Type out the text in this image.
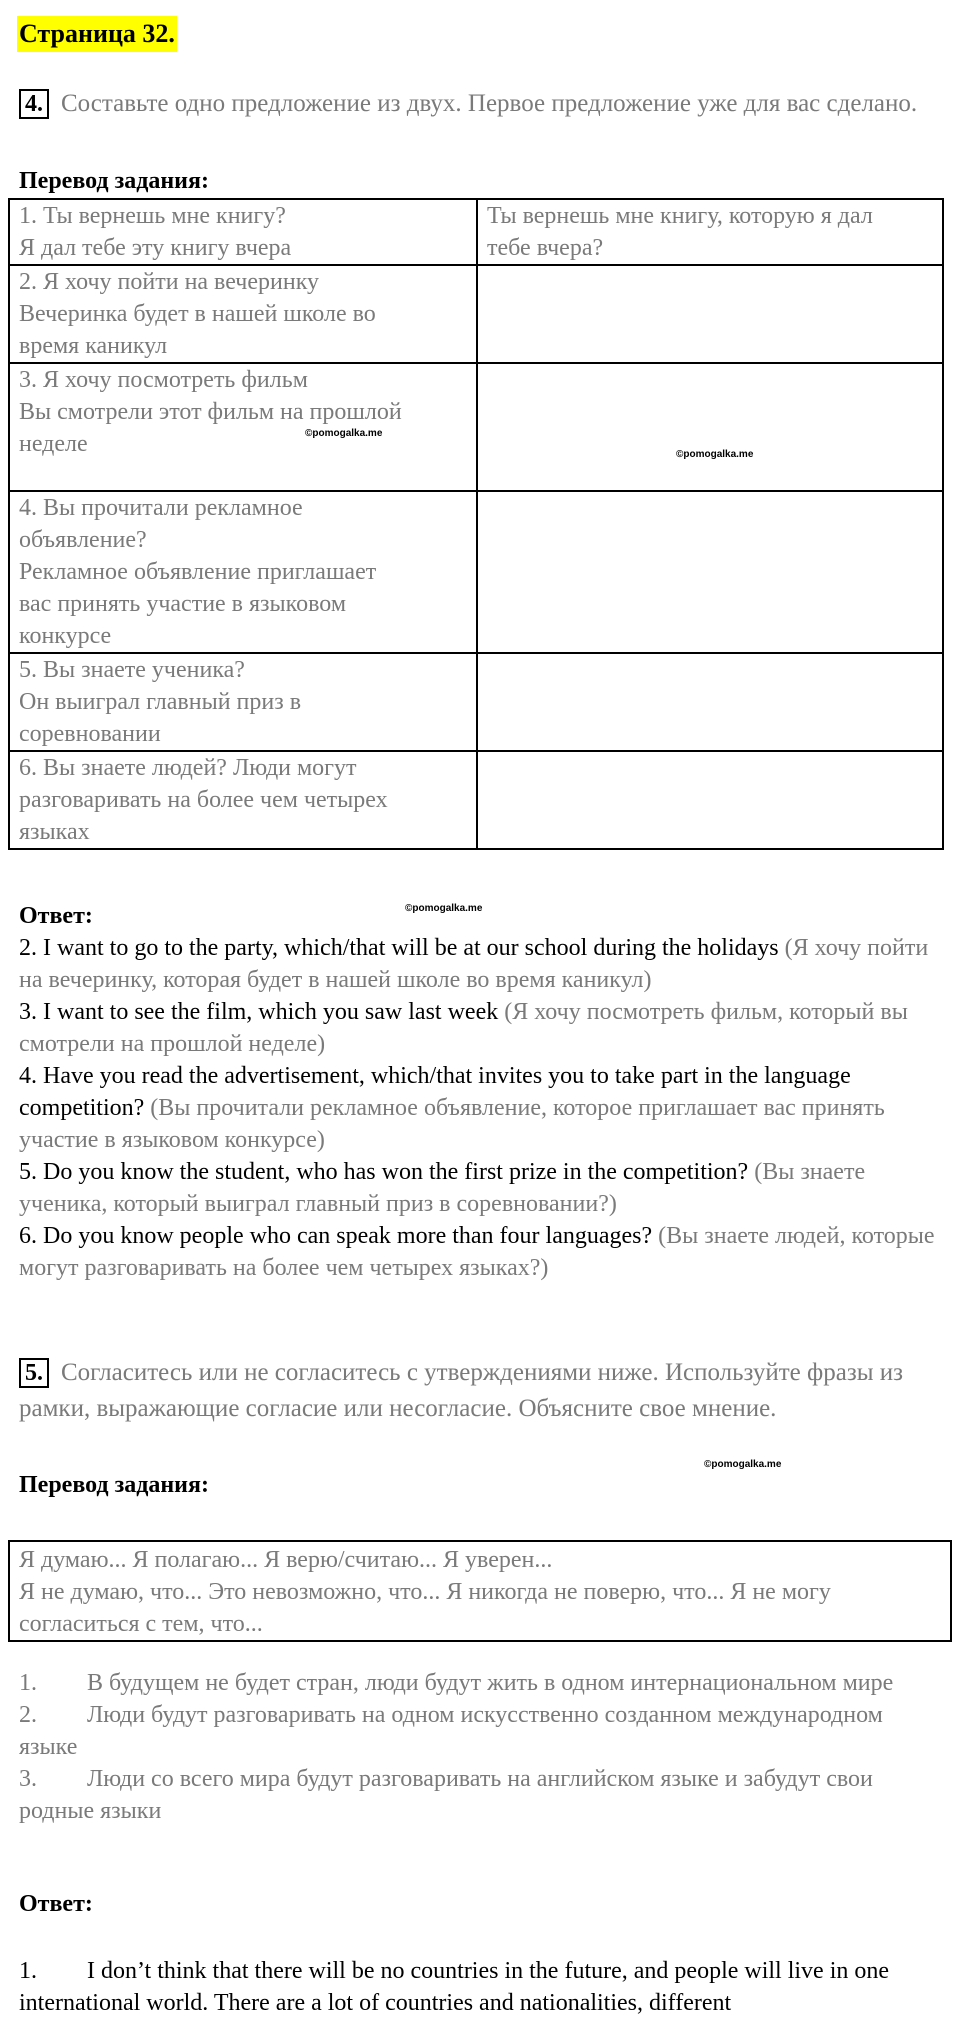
Страница 32.
4. Составьте одно предложение из двух. Первое предложение уже для вас сделано.
Перевод задания:
1. Ты вернешь мне книгу?
Я дал тебе эту книгу вчера	Ты вернешь мне книгу, которую я дал
тебе вчера?

2. Я хочу пойти на вечеринку
Вечеринка будет в нашей школе во
время каникул	

3. Я хочу посмотреть фильм
Вы смотрели этот фильм на прошлой
неделе	

4. Вы прочитали рекламное
объявление?
Рекламное объявление приглашает
вас принять участие в языковом
конкурсе	

5. Вы знаете ученика?
Он выиграл главный приз в
соревновании	

6. Вы знаете людей? Люди могут
разговаривать на более чем четырех
языках	

©pomogalka.me
©pomogalka.me
©pomogalka.me
Ответ:

2. I want to go to the party, which/that will be at our school during the holidays (Я хочу пойти на вечеринку, которая будет в нашей школе во время каникул)

3. I want to see the film, which you saw last week (Я хочу посмотреть фильм, который вы смотрели на прошлой неделе)

4. Have you read the advertisement, which/that invites you to take part in the language competition? (Вы прочитали рекламное объявление, которое приглашает вас принять участие в языковом конкурсе)

5. Do you know the student, who has won the first prize in the competition? (Вы знаете ученика, который выиграл главный приз в соревновании?)

6. Do you know people who can speak more than four languages? (Вы знаете людей, которые могут разговаривать на более чем четырех языках?)

5. Согласитесь или не согласитесь с утверждениями ниже. Используйте фразы из рамки, выражающие согласие или несогласие. Объясните свое мнение.
©pomogalka.me
Перевод задания:
Я думаю... Я полагаю... Я верю/считаю... Я уверен...
Я не думаю, что... Это невозможно, что... Я никогда не поверю, что... Я не могу согласиться с тем, что...

1. В будущем не будет стран, люди будут жить в одном интернациональном мире

2. Люди будут разговаривать на одном искусственно созданном международном языке

3. Люди со всего мира будут разговаривать на английском языке и забудут свои родные языки

Ответ:

1. I don’t think that there will be no countries in the future, and people will live in one international world. There are a lot of countries and nationalities, different
